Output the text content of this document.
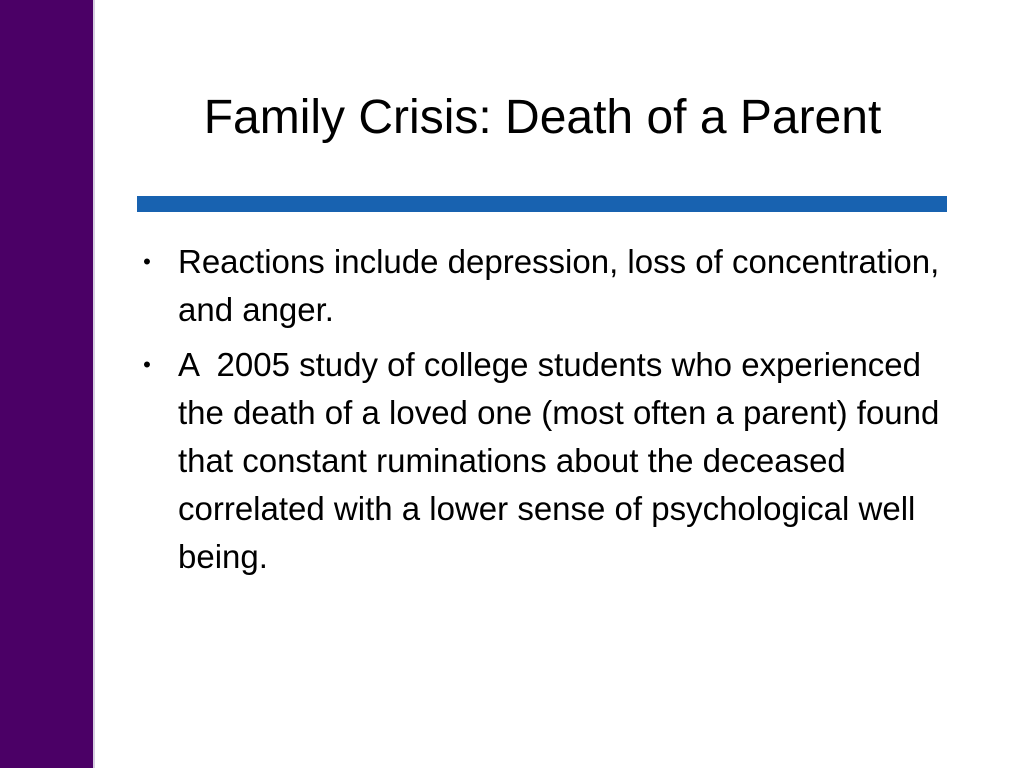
Family Crisis: Death of a Parent
• Reactions include depression, loss of concentration, and anger.
• A  2005 study of college students who experienced the death of a loved one (most often a parent) found that constant ruminations about the deceased correlated with a lower sense of psychological well being.
